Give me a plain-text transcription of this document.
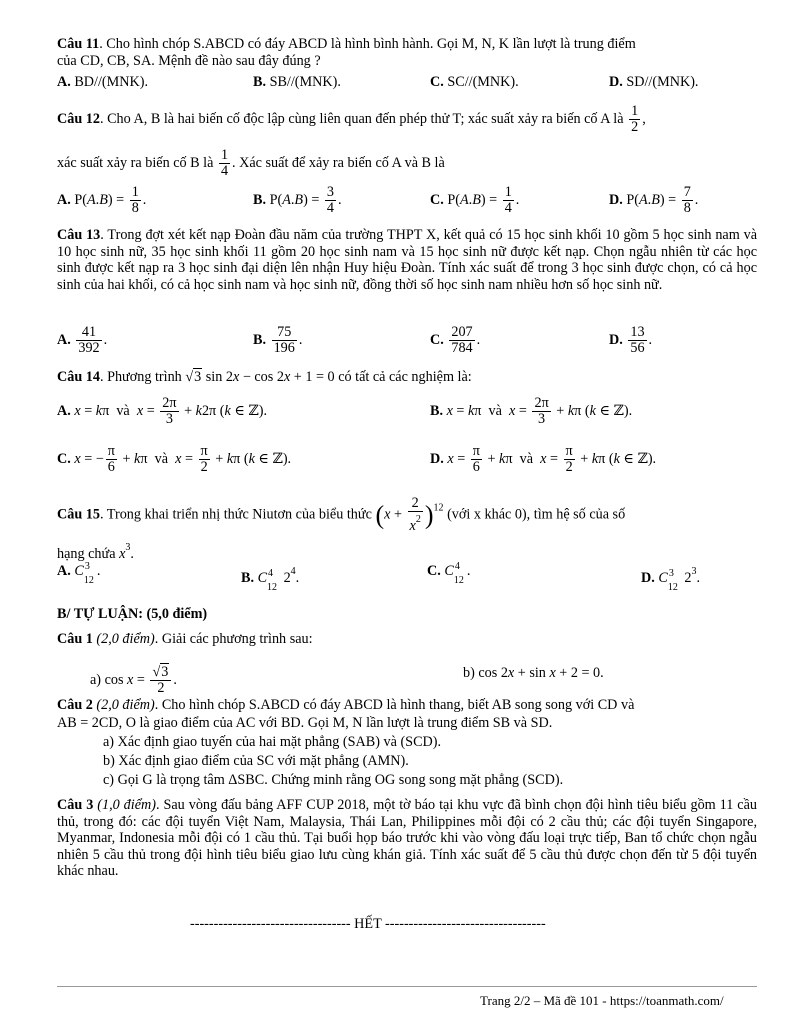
Câu 11. Cho hình chóp S.ABCD có đáy ABCD là hình bình hành. Gọi M, N, K lần lượt là trung điểm
của CD, CB, SA. Mệnh đề nào sau đây đúng ?
A. BD//(MNK).	B. SB//(MNK).	C. SC//(MNK).	D. SD//(MNK).
Câu 12. Cho A, B là hai biến cố độc lập cùng liên quan đến phép thử T; xác suất xảy ra biến cố A là $\frac{1}{2}$ ,
xác suất xảy ra biến cố B là $\frac{1}{4}$ . Xác suất để xảy ra biến cố A và B là
A. $P(A.B) = \frac{1}{8}$ .	B. $P(A.B) = \frac{3}{4}$ .	C. $P(A.B) = \frac{1}{4}$ .	D. $P(A.B) = \frac{7}{8}$ .
Câu 13. Trong đợt xét kết nạp Đoàn đầu năm của trường THPT X, kết quả có 15 học sinh khối 10 gồm 5 học sinh nam và 10 học sinh nữ, 35 học sinh khối 11 gồm 20 học sinh nam và 15 học sinh nữ được kết nạp. Chọn ngẫu nhiên từ các học sinh được kết nạp ra 3 học sinh đại diện lên nhận Huy hiệu Đoàn. Tính xác suất để trong 3 học sinh được chọn, có cả học sinh của hai khối, có cả học sinh nam và học sinh nữ, đồng thời số học sinh nam nhiều hơn số học sinh nữ.
A. $\frac{41}{392}$ .	B. $\frac{75}{196}$ .	C. $\frac{207}{784}$ .	D. $\frac{13}{56}$ .
Câu 14. Phương trình √3 sin 2x − cos 2x + 1 = 0 có tất cả các nghiệm là:
A. x = kπ  và  $x = \frac{2\pi}{3} + k2\pi$ (k ∈ ℤ).	B. x = kπ  và  $x = \frac{2\pi}{3} + k\pi$ (k ∈ ℤ).
C. x = − $\frac{\pi}{6} + k\pi$  và  $x = \frac{\pi}{2} + k\pi$ (k ∈ ℤ).	D. $x = \frac{\pi}{6} + k\pi$  và  $x = \frac{\pi}{2} + k\pi$ (k ∈ ℤ).
Câu 15. Trong khai triển nhị thức Niutơn của biểu thức $(x + \frac{2}{x^2} )^{12}$ (với x khác 0), tìm hệ số của số
hạng chứa $x^3$.
A. C 3
12
.	B. C 4
12
$2^4$.	C. C 4
12
.	D. C 3
12
$2^3$.
B/ TỰ LUẬN: (5,0 điểm)
Câu 1 (2,0 điểm). Giải các phương trình sau:
a) $\cos x = \frac{√3}{2}$ .	b) cos 2x + sin x + 2 = 0.
Câu 2 (2,0 điểm). Cho hình chóp S.ABCD có đáy ABCD là hình thang, biết AB song song với CD và
AB = 2CD, O là giao điểm của AC với BD. Gọi M, N lần lượt là trung điểm SB và SD.
a) Xác định giao tuyến của hai mặt phẳng (SAB) và (SCD).
b) Xác định giao điểm của SC với mặt phẳng (AMN).
c) Gọi G là trọng tâm ΔSBC. Chứng minh rằng OG song song mặt phẳng (SCD).
Câu 3 (1,0 điểm). Sau vòng đấu bảng AFF CUP 2018, một tờ báo tại khu vực đã bình chọn đội hình tiêu biểu gồm 11 cầu thủ, trong đó: các đội tuyển Việt Nam, Malaysia, Thái Lan, Philippines mỗi đội có 2 cầu thủ; các đội tuyển Singapore, Myanmar, Indonesia mỗi đội có 1 cầu thủ. Tại buổi họp báo trước khi vào vòng đấu loại trực tiếp, Ban tổ chức chọn ngẫu nhiên 5 cầu thủ trong đội hình tiêu biểu giao lưu cùng khán giả. Tính xác suất để 5 cầu thủ được chọn đến từ 5 đội tuyển khác nhau.
---------------------------------- HẾT ----------------------------------
Trang 2/2 – Mã đề 101 - https://toanmath.com/
